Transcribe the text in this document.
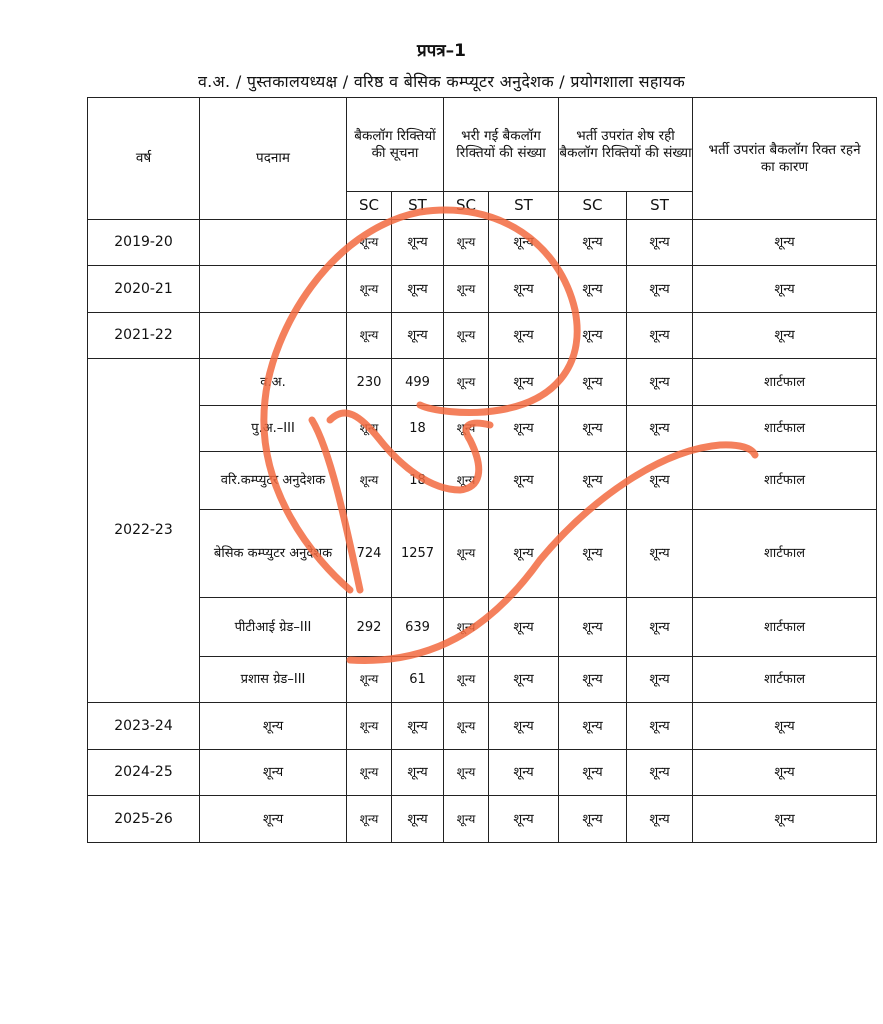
प्रपत्र–1
व.अ. / पुस्तकालयध्यक्ष / वरिष्ठ व बेसिक कम्प्यूटर अनुदेशक / प्रयोगशाला सहायक
वर्ष	पदनाम	बैकलॉग रिक्तियों की सूचना		भरी गई बैकलॉग रिक्तियों की संख्या		भर्ती उपरांत शेष रही बैकलॉग रिक्तियों की संख्या		भर्ती उपरांत बैकलॉग रिक्त रहने का कारण
		SC	ST	SC	ST	SC	ST	
2019-20		शून्य	शून्य	शून्य	शून्य	शून्य	शून्य	शून्य
2020-21		शून्य	शून्य	शून्य	शून्य	शून्य	शून्य	शून्य
2021-22		शून्य	शून्य	शून्य	शून्य	शून्य	शून्य	शून्य
2022-23	व.अ.	230	499	शून्य	शून्य	शून्य	शून्य	शार्टफाल
	पु.अ.–III	शून्य	18	शून्य	शून्य	शून्य	शून्य	शार्टफाल
	वरि.कम्प्युटर अनुदेशक	शून्य	18	शून्य	शून्य	शून्य	शून्य	शार्टफाल
	बेसिक कम्प्युटर अनुदेशक	724	1257	शून्य	शून्य	शून्य	शून्य	शार्टफाल
	पीटीआई ग्रेड–III	292	639	शून्य	शून्य	शून्य	शून्य	शार्टफाल
	प्रशास ग्रेड–III	शून्य	61	शून्य	शून्य	शून्य	शून्य	शार्टफाल
2023-24	शून्य	शून्य	शून्य	शून्य	शून्य	शून्य	शून्य	शून्य
2024-25	शून्य	शून्य	शून्य	शून्य	शून्य	शून्य	शून्य	शून्य
2025-26	शून्य	शून्य	शून्य	शून्य	शून्य	शून्य	शून्य	शून्य
